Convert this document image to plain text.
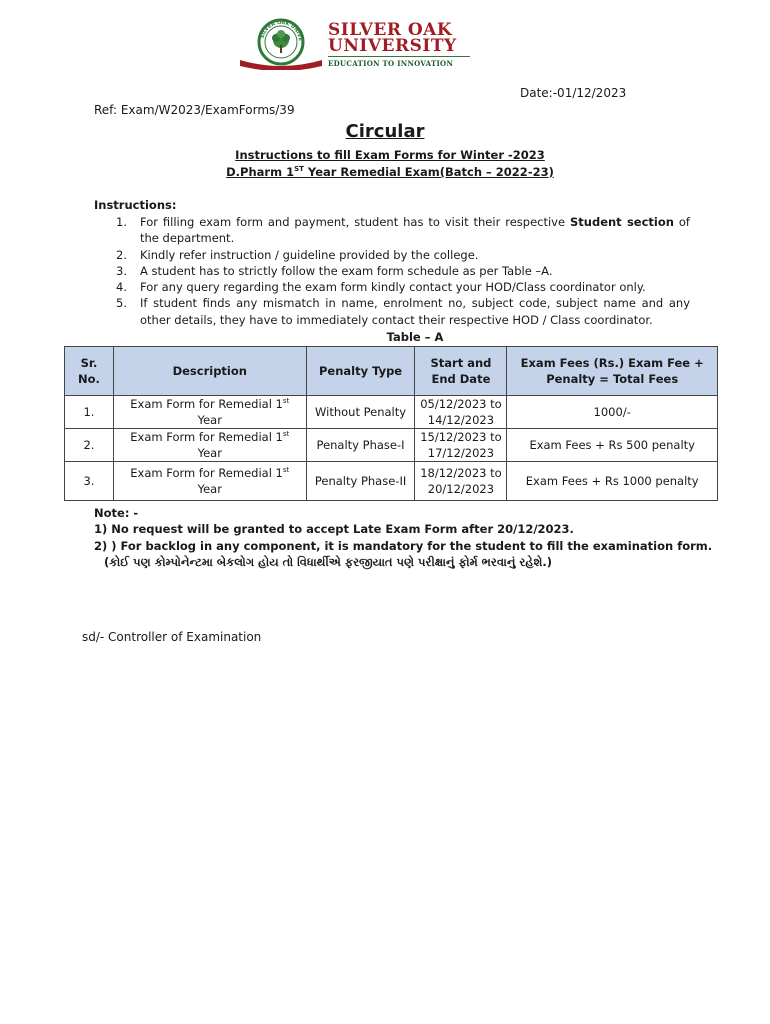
SILVER OAK UNIVE SILVER OAK
UNIVERSITY
EDUCATION TO INNOVATION
Date:-01/12/2023
Ref: Exam/W2023/ExamForms/39
Circular
Instructions to fill Exam Forms for Winter -2023
D.Pharm 1ST Year Remedial Exam(Batch – 2022-23)
Instructions:
1. For filling exam form and payment, student has to visit their respective Student section of the department.
2. Kindly refer instruction / guideline provided by the college.
3. A student has to strictly follow the exam form schedule as per Table –A.
4. For any query regarding the exam form kindly contact your HOD/Class coordinator only.
5. If student finds any mismatch in name, enrolment no, subject code, subject name and any other details, they have to immediately contact their respective HOD / Class coordinator.
Table – A
Sr. No.	Description	Penalty Type	Start and End Date	Exam Fees (Rs.) Exam Fee + Penalty = Total Fees
1.	Exam Form for Remedial 1st Year	Without Penalty	05/12/2023 to 14/12/2023	1000/-
2.	Exam Form for Remedial 1st Year	Penalty Phase-I	15/12/2023 to 17/12/2023	Exam Fees + Rs 500 penalty
3.	Exam Form for Remedial 1st Year	Penalty Phase-II	18/12/2023 to 20/12/2023	Exam Fees + Rs 1000 penalty
Note: -
1) No request will be granted to accept Late Exam Form after 20/12/2023.
2) ) For backlog in any component, it is mandatory for the student to fill the examination form.
(કોઈ પણ કોમ્પોનેન્ટમા બેકલોગ હોય તો વિધાર્થીએ ફરજીયાત પણે પરીક્ષાનું ફોર્મ ભરવાનું રહેશે.)
sd/- Controller of Examination
